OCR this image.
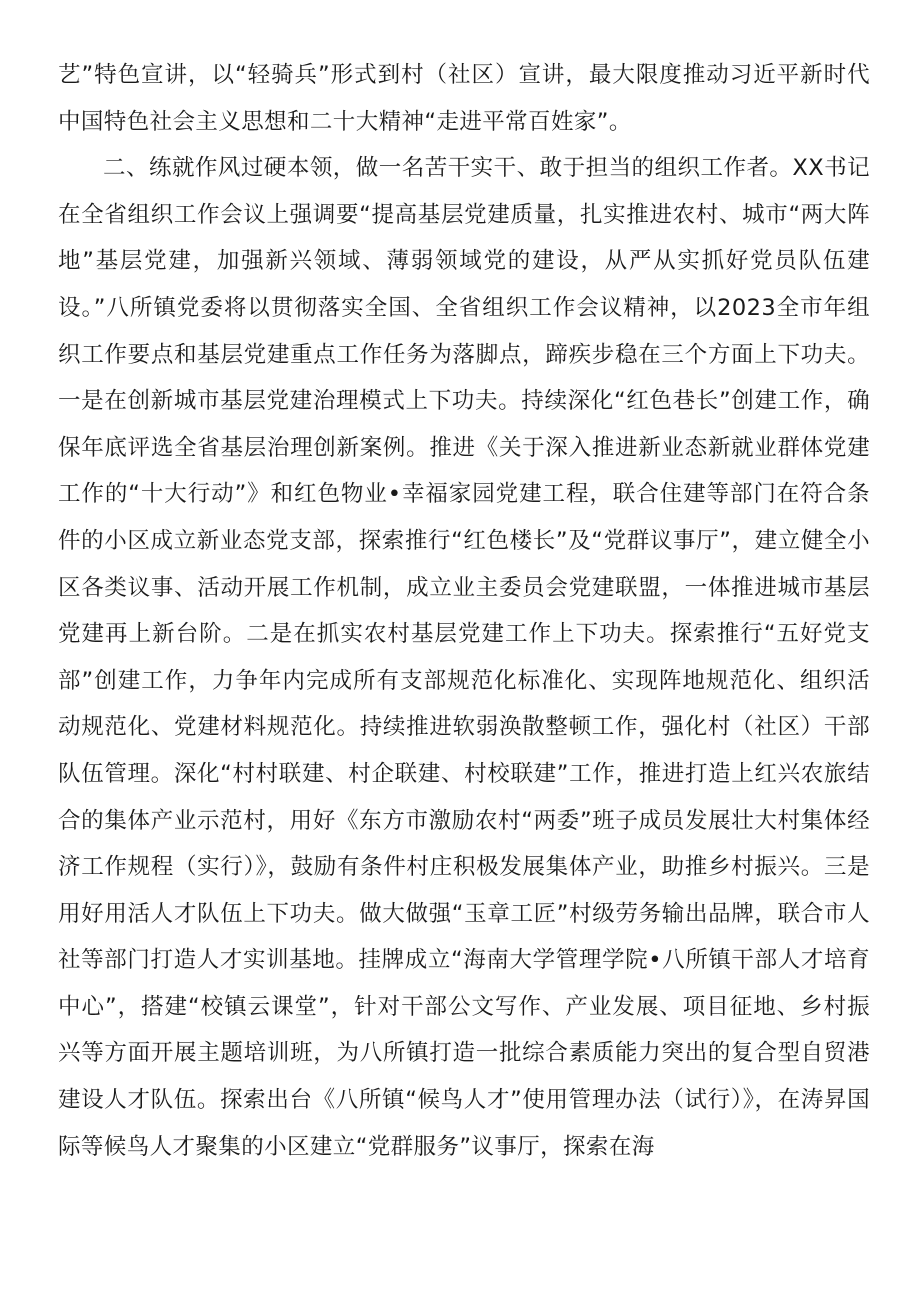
艺”特色宣讲，以“轻骑兵”形式到村（社区）宣讲，最大限度推动习近平新时代中国特色社会主义思想和二十大精神“走进平常百姓家”。

二、练就作风过硬本领，做一名苦干实干、敢于担当的组织工作者。XX书记在全省组织工作会议上强调要“提高基层党建质量，扎实推进农村、城市“两大阵地”基层党建，加强新兴领域、薄弱领域党的建设，从严从实抓好党员队伍建设。”八所镇党委将以贯彻落实全国、全省组织工作会议精神，以2023全市年组织工作要点和基层党建重点工作任务为落脚点，蹄疾步稳在三个方面上下功夫。一是在创新城市基层党建治理模式上下功夫。持续深化“红色巷长”创建工作，确保年底评选全省基层治理创新案例。推进《关于深入推进新业态新就业群体党建工作的“十大行动”》和红色物业•幸福家园党建工程，联合住建等部门在符合条件的小区成立新业态党支部，探索推行“红色楼长”及“党群议事厅”，建立健全小区各类议事、活动开展工作机制，成立业主委员会党建联盟，一体推进城市基层党建再上新台阶。二是在抓实农村基层党建工作上下功夫。探索推行“五好党支部”创建工作，力争年内完成所有支部规范化标准化、实现阵地规范化、组织活动规范化、党建材料规范化。持续推进软弱涣散整顿工作，强化村（社区）干部队伍管理。深化“村村联建、村企联建、村校联建”工作，推进打造上红兴农旅结合的集体产业示范村，用好《东方市激励农村“两委”班子成员发展壮大村集体经济工作规程（实行）》，鼓励有条件村庄积极发展集体产业，助推乡村振兴。三是用好用活人才队伍上下功夫。做大做强“玉章工匠”村级劳务输出品牌，联合市人社等部门打造人才实训基地。挂牌成立“海南大学管理学院•八所镇干部人才培育中心”，搭建“校镇云课堂”，针对干部公文写作、产业发展、项目征地、乡村振兴等方面开展主题培训班，为八所镇打造一批综合素质能力突出的复合型自贸港建设人才队伍。探索出台《八所镇“候鸟人才”使用管理办法（试行）》，在涛昇国际等候鸟人才聚集的小区建立“党群服务”议事厅，探索在海
